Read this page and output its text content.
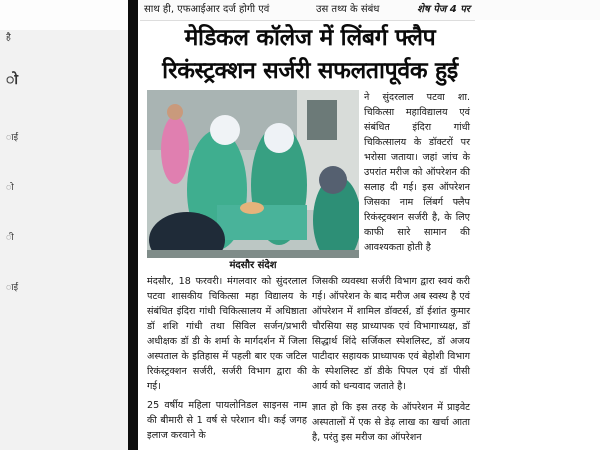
है
ो
ाई
ो
ी
ाई
साथ ही, एफआईआर दर्ज होगी एवं	उस तथ्य के संबंध	शेष पेज 4 पर
मेडिकल कॉलेज में लिंबर्ग फ्लैप रिकंस्ट्रक्शन सर्जरी सफलतापूर्वक हुई
मंदसौर संदेश

ने सुंदरलाल पटवा शा. चिकित्सा महाविद्यालय एवं संबंधित इंदिरा गांधी चिकित्सालय के डॉक्टरों पर भरोसा जताया। जहां जांच के उपरांत मरीज को ऑपरेशन की सलाह दी गई। इस ऑपरेशन जिसका नाम लिंबर्ग फ्लैप रिकंस्ट्रक्शन सर्जरी है, के लिए काफी सारे सामान की आवश्यकता होती है

मंदसौर, 18 फरवरी। मंगलवार को सुंदरलाल पटवा शासकीय चिकित्सा महा विद्यालय के संबंधित इंदिरा गांधी चिकित्सालय में अधिष्ठाता डॉ शशि गांधी तथा सिविल सर्जन/प्रभारी अधीक्षक डॉ डी के शर्मा के मार्गदर्शन में जिला अस्पताल के इतिहास में पहली बार एक जटिल रिकंस्ट्रक्शन सर्जरी, सर्जरी विभाग द्वारा की गई।

25 वर्षीय महिला पायलोनिडल साइनस नाम की बीमारी से 1 वर्ष से परेशान थी। कई जगह इलाज करवाने के

जिसकी व्यवस्था सर्जरी विभाग द्वारा स्वयं करी गई। ऑपरेशन के बाद मरीज अब स्वस्थ है एवं ऑपरेशन में शामिल डॉक्टर्स, डॉ ईशांत कुमार चौरसिया सह प्राध्यापक एवं विभागाध्यक्ष, डॉ सिद्धार्थ शिंदे सर्जिकल स्पेशलिस्ट, डॉ अजय पाटीदार सहायक प्राध्यापक एवं बेहोशी विभाग के स्पेशलिस्ट डॉ डीके पिपल एवं डॉ पीसी आर्य को धन्यवाद जताते है।

ज्ञात हो कि इस तरह के ऑपरेशन में प्राइवेट अस्पतालों में एक से डेढ़ लाख का खर्चा आता है, परंतु इस मरीज का ऑपरेशन
